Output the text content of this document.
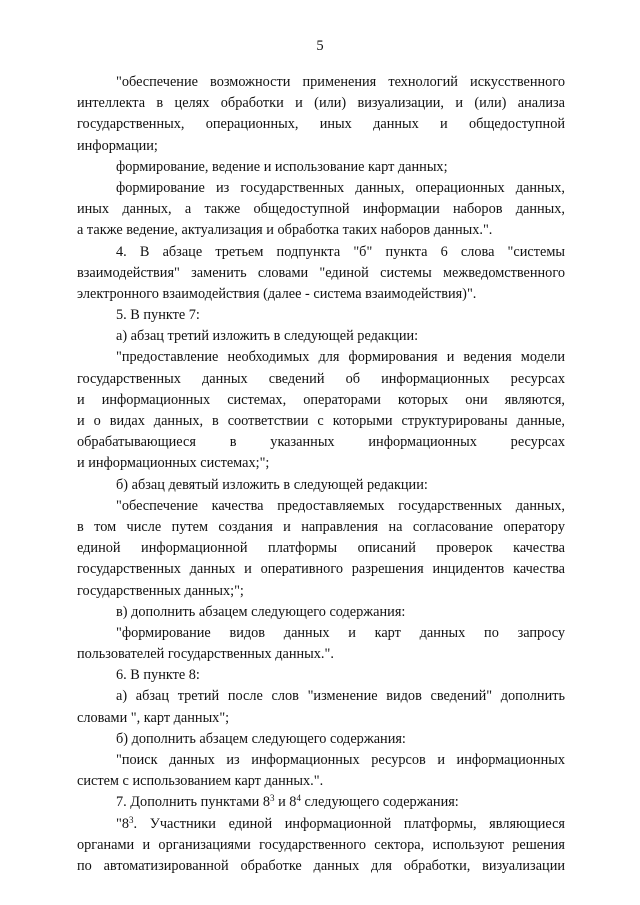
5
"обеспечение возможности применения технологий искусственного
интеллекта в целях обработки и (или) визуализации, и (или) анализа
государственных, операционных, иных данных и общедоступной
информации;
формирование, ведение и использование карт данных;
формирование из государственных данных, операционных данных,
иных данных, а также общедоступной информации наборов данных,
а также ведение, актуализация и обработка таких наборов данных.".
4. В абзаце третьем подпункта "б" пункта 6 слова "системы
взаимодействия" заменить словами "единой системы межведомственного
электронного взаимодействия (далее - система взаимодействия)".
5. В пункте 7:
а) абзац третий изложить в следующей редакции:
"предоставление необходимых для формирования и ведения модели
государственных данных сведений об информационных ресурсах
и информационных системах, операторами которых они являются,
и о видах данных, в соответствии с которыми структурированы данные,
обрабатывающиеся в указанных информационных ресурсах
и информационных системах;";
б) абзац девятый изложить в следующей редакции:
"обеспечение качества предоставляемых государственных данных,
в том числе путем создания и направления на согласование оператору
единой информационной платформы описаний проверок качества
государственных данных и оперативного разрешения инцидентов качества
государственных данных;";
в) дополнить абзацем следующего содержания:
"формирование видов данных и карт данных по запросу
пользователей государственных данных.".
6. В пункте 8:
а) абзац третий после слов "изменение видов сведений" дополнить
словами ", карт данных";
б) дополнить абзацем следующего содержания:
"поиск данных из информационных ресурсов и информационных
систем с использованием карт данных.".
7. Дополнить пунктами $8^3$ и $8^4$ следующего содержания:
"$8^3$. Участники единой информационной платформы, являющиеся
органами и организациями государственного сектора, используют решения
по автоматизированной обработке данных для обработки, визуализации
